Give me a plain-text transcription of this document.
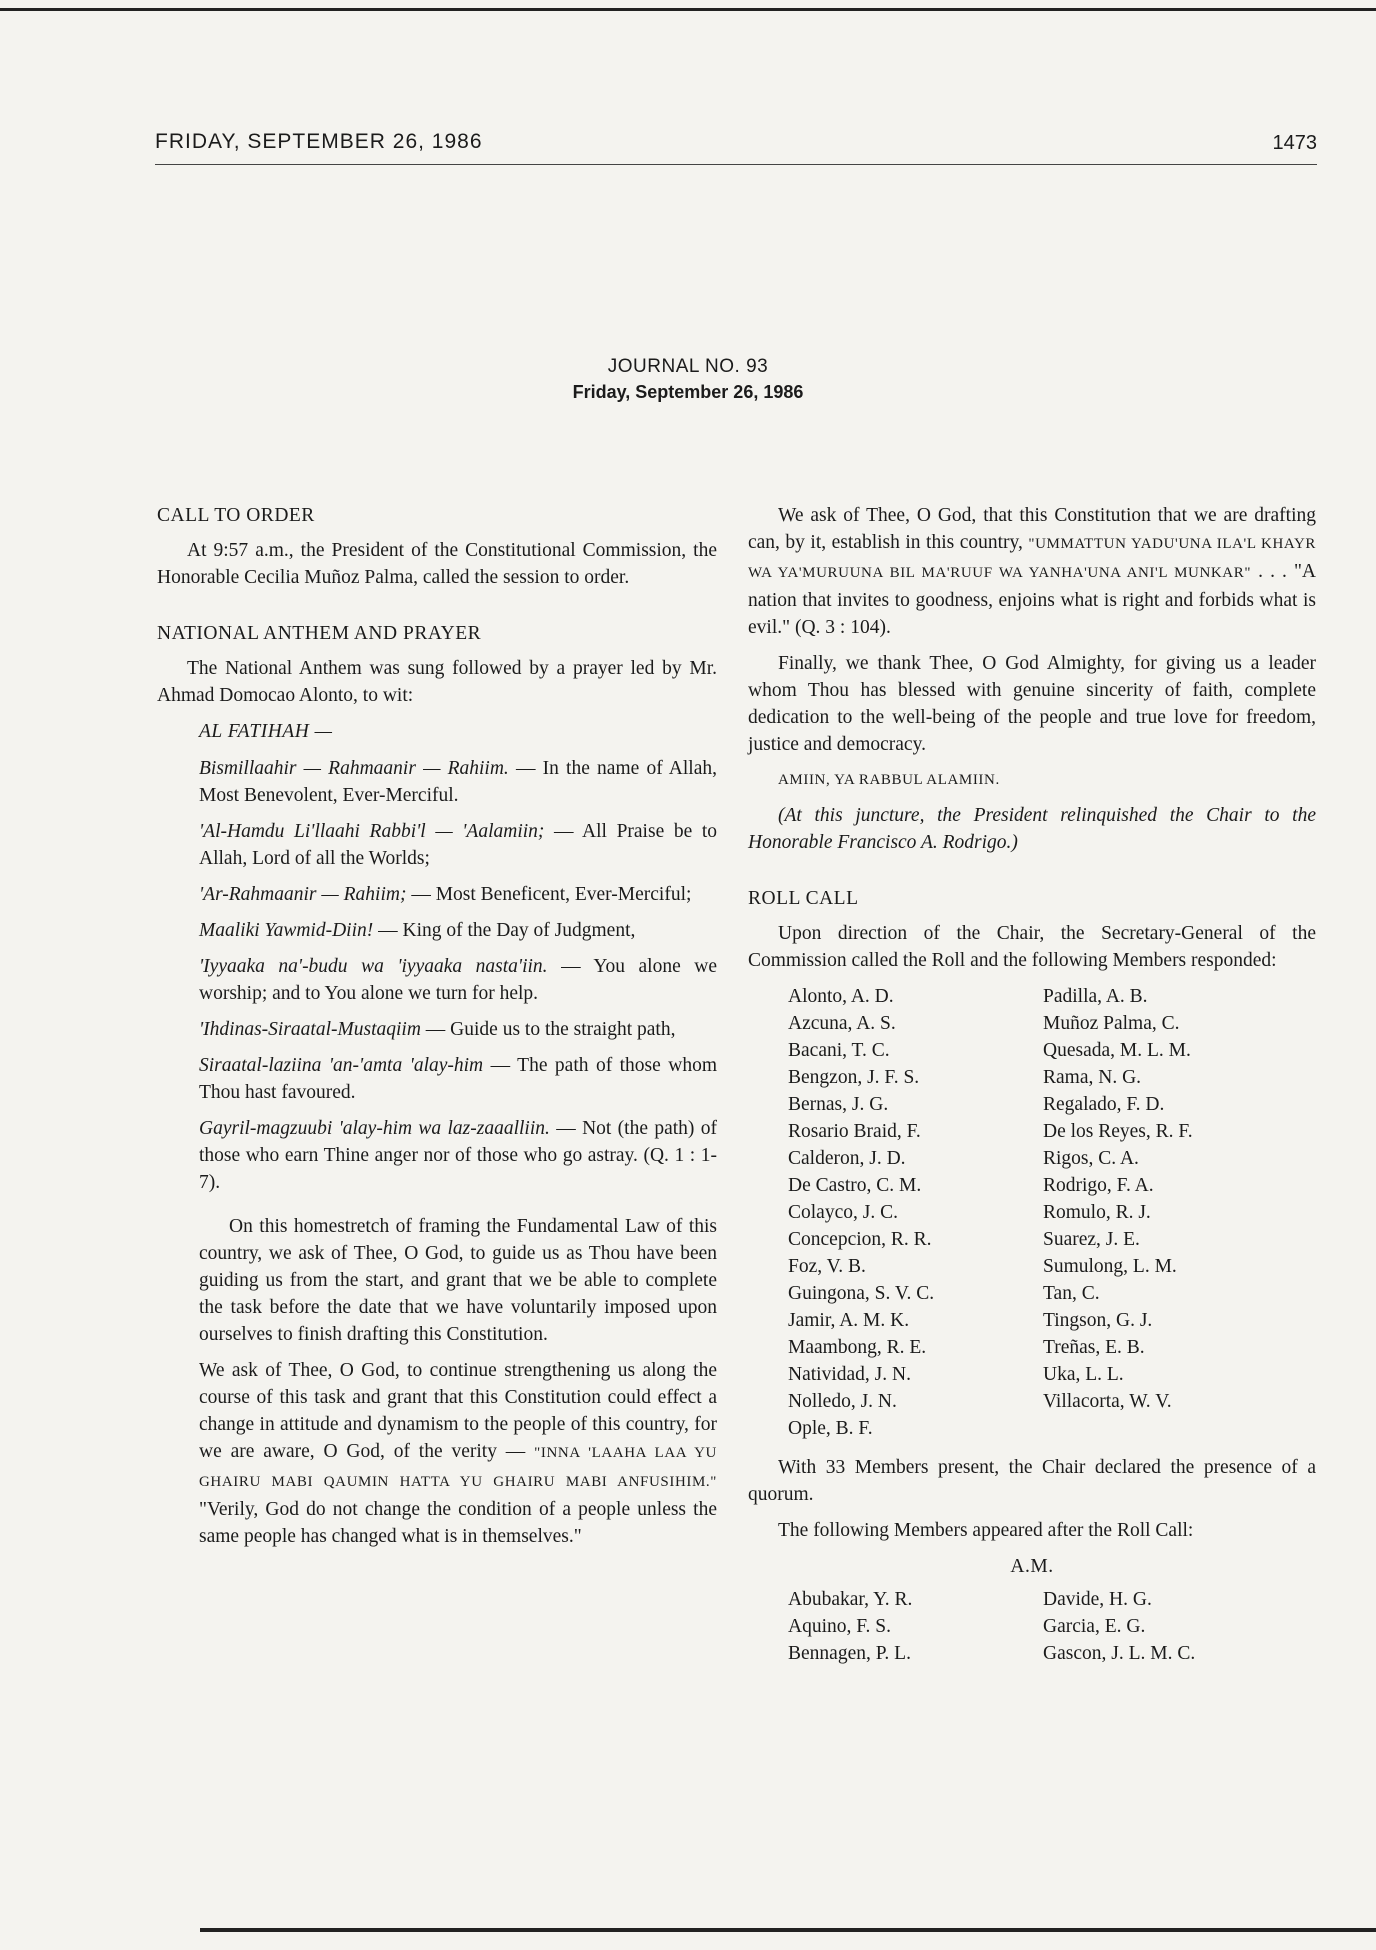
FRIDAY, SEPTEMBER 26, 1986	1473
JOURNAL NO. 93
Friday, September 26, 1986
CALL TO ORDER

At 9:57 a.m., the President of the Constitutional Commission, the Honorable Cecilia Muñoz Palma, called the session to order.

NATIONAL ANTHEM AND PRAYER

The National Anthem was sung followed by a prayer led by Mr. Ahmad Domocao Alonto, to wit:

AL FATIHAH —

Bismillaahir — Rahmaanir — Rahiim. — In the name of Allah, Most Benevolent, Ever-Merciful.

'Al-Hamdu Li'llaahi Rabbi'l — 'Aalamiin; — All Praise be to Allah, Lord of all the Worlds;

'Ar-Rahmaanir — Rahiim; — Most Beneficent, Ever-Merciful;

Maaliki Yawmid-Diin! — King of the Day of Judgment,

'Iyyaaka na'-budu wa 'iyyaaka nasta'iin. — You alone we worship; and to You alone we turn for help.

'Ihdinas-Siraatal-Mustaqiim — Guide us to the straight path,

Siraatal-laziina 'an-'amta 'alay-him — The path of those whom Thou hast favoured.

Gayril-magzuubi 'alay-him wa laz-zaaalliin. — Not (the path) of those who earn Thine anger nor of those who go astray. (Q. 1 : 1-7).

On this homestretch of framing the Fundamental Law of this country, we ask of Thee, O God, to guide us as Thou have been guiding us from the start, and grant that we be able to complete the task before the date that we have voluntarily imposed upon ourselves to finish drafting this Constitution.

We ask of Thee, O God, to continue strengthening us along the course of this task and grant that this Constitution could effect a change in attitude and dynamism to the people of this country, for we are aware, O God, of the verity — "INNA 'LAAHA LAA YU GHAIRU MABI QAUMIN HATTA YU GHAIRU MABI ANFUSIHIM." "Verily, God do not change the condition of a people unless the same people has changed what is in themselves."

We ask of Thee, O God, that this Constitution that we are drafting can, by it, establish in this country, "UMMATTUN YADU'UNA ILA'L KHAYR WA YA'MURUUNA BIL MA'RUUF WA YANHA'UNA ANI'L MUNKAR" . . . "A nation that invites to goodness, enjoins what is right and forbids what is evil." (Q. 3 : 104).

Finally, we thank Thee, O God Almighty, for giving us a leader whom Thou has blessed with genuine sincerity of faith, complete dedication to the well-being of the people and true love for freedom, justice and democracy.

AMIIN, YA RABBUL ALAMIIN.

(At this juncture, the President relinquished the Chair to the Honorable Francisco A. Rodrigo.)

ROLL CALL

Upon direction of the Chair, the Secretary-General of the Commission called the Roll and the following Members responded:

Alonto, A. D.
Azcuna, A. S.
Bacani, T. C.
Bengzon, J. F. S.
Bernas, J. G.
Rosario Braid, F.
Calderon, J. D.
De Castro, C. M.
Colayco, J. C.
Concepcion, R. R.
Foz, V. B.
Guingona, S. V. C.
Jamir, A. M. K.
Maambong, R. E.
Natividad, J. N.
Nolledo, J. N.
Ople, B. F.
Padilla, A. B.
Muñoz Palma, C.
Quesada, M. L. M.
Rama, N. G.
Regalado, F. D.
De los Reyes, R. F.
Rigos, C. A.
Rodrigo, F. A.
Romulo, R. J.
Suarez, J. E.
Sumulong, L. M.
Tan, C.
Tingson, G. J.
Treñas, E. B.
Uka, L. L.
Villacorta, W. V.

With 33 Members present, the Chair declared the presence of a quorum.

The following Members appeared after the Roll Call:

A.M.
Abubakar, Y. R.
Aquino, F. S.
Bennagen, P. L.
Davide, H. G.
Garcia, E. G.
Gascon, J. L. M. C.
